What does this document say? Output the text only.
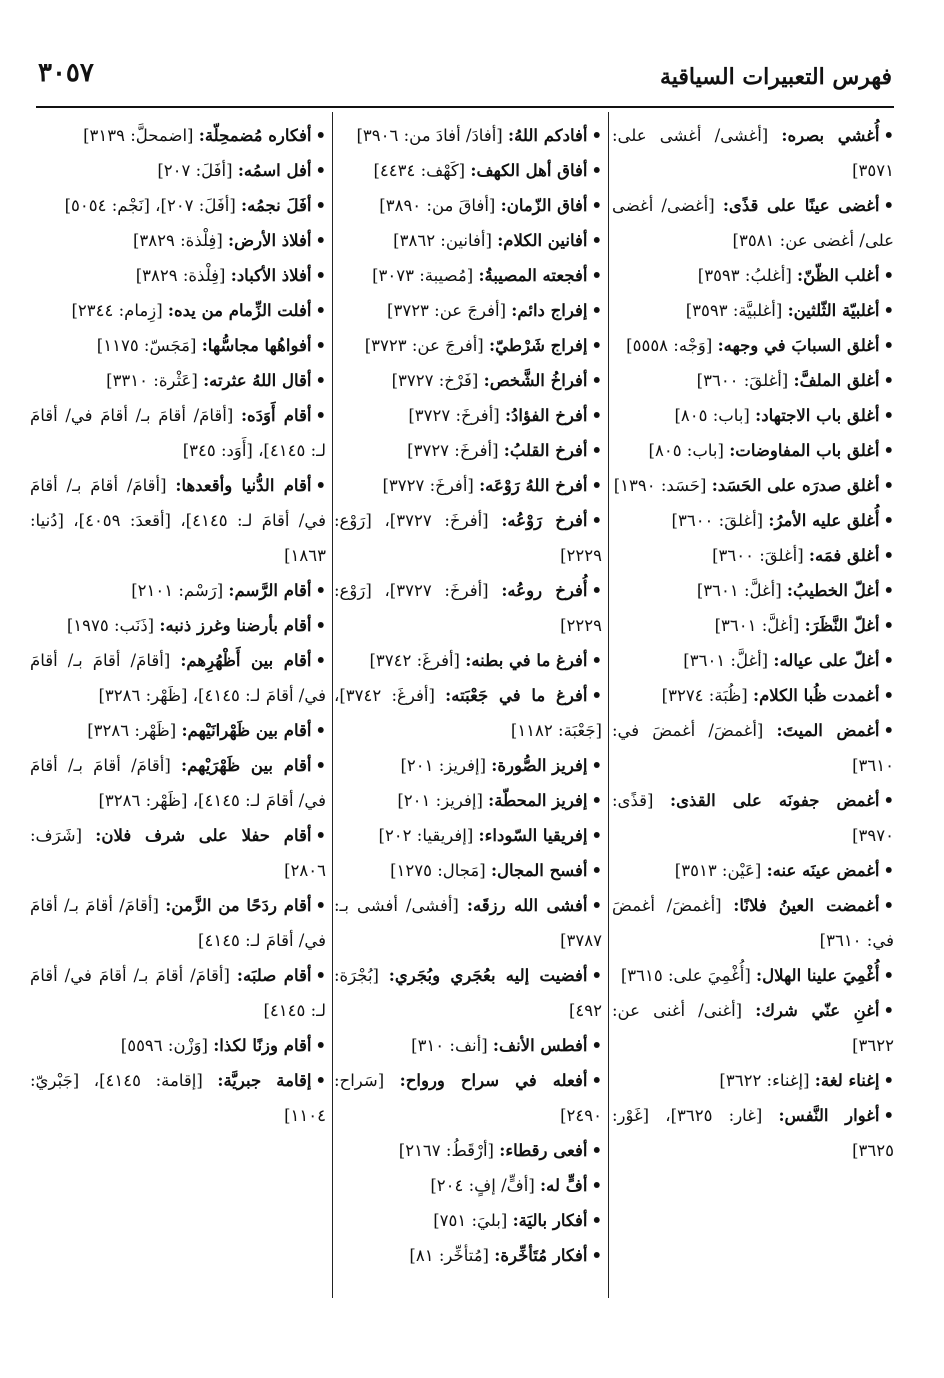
فهرس التعبيرات السياقية
٣٠٥٧

•أُغشي بصره: [أغشى/ أغشى على: ٣٥٧١]

•أغضى عينًا على قذًى: [أغضى/ أغضى على/ أغضى عن: ٣٥٨١]

•أغلب الظّنّ: [أغلبُ: ٣٥٩٣]

•أغلبيّة الثّلثين: [أغلبيَّة: ٣٥٩٣]

•أغلق السبابَ في وجهه: [وَجْه: ٥٥٥٨]

•أغلق الملفَّ: [أغلقَ: ٣٦٠٠]

•أغلق باب الاجتهاد: [باب: ٨٠٥]

•أغلق باب المفاوضات: [باب: ٨٠٥]

•أغلق صدرَه على الحَسَد: [حَسَد: ١٣٩٠]

•أُغلق عليه الأمرُ: [أغلقَ: ٣٦٠٠]

•أغلق فمَه: [أغلقَ: ٣٦٠٠]

•أغلّ الخطيبُ: [أغلَّ: ٣٦٠١]

•أغلّ النَّظَرَ: [أغلَّ: ٣٦٠١]

•أغلّ على عياله: [أغلَّ: ٣٦٠١]

•أغمدت ظُبا الكلام: [ظُبَة: ٣٢٧٤]

•أغمض الميتَ: [أغمضَ/ أغمضَ في: ٣٦١٠]

•أغمض جفونَه على القذى: [قذًى: ٣٩٧٠]

•أغمض عينَه عنه: [عَيْن: ٣٥١٣]

•أغمضت العينُ فلانًا: [أغمضَ/ أغمضَ في: ٣٦١٠]

•أُغْمِيَ علينا الهلال: [أُغْمِيَ على: ٣٦١٥]

•أغنِ عنّي شرك: [أغنى/ أغنى عن: ٣٦٢٢]

•إغناء لغة: [إغناء: ٣٦٢٢]

•أغوار النَّفس: [غار: ٣٦٢٥]، [غَوْر: ٣٦٢٥]

•أفادكم اللهُ: [أفادَ/ أفادَ من: ٣٩٠٦]

•أفاق أهل الكهف: [كَهْف: ٤٤٣٤]

•أفاق الزّمان: [أفاقَ من: ٣٨٩٠]

•أفانين الكلام: [أفانين: ٣٨٦٢]

•أفجعته المصيبةُ: [مُصيبة: ٣٠٧٣]

•إفراج دائم: [أفرجَ عن: ٣٧٢٣]

•إفراج شَرْطيّ: [أفرجَ عن: ٣٧٢٣]

•أفراخُ الشَّخص: [فَرْخ: ٣٧٢٧]

•أفرخ الفؤادُ: [أفرخَ: ٣٧٢٧]

•أفرخ القلبُ: [أفرخَ: ٣٧٢٧]

•أفرخ اللهُ رَوْعَه: [أفرخَ: ٣٧٢٧]

•أفرخ رَوْعُه: [أفرخَ: ٣٧٢٧]، [رَوْع: ٢٢٢٩]

•أُفرخ روعُه: [أفرخَ: ٣٧٢٧]، [رَوْع: ٢٢٢٩]

•أفرغ ما في بطنه: [أفرغَ: ٣٧٤٢]

•أفرغ ما في جَعْبَته: [أفرغَ: ٣٧٤٢]، [جَعْبَة: ١١٨٢]

•إفريز الصُّورة: [إفريز: ٢٠١]

•إفريز المحطّة: [إفريز: ٢٠١]

•إفريقيا السّوداء: [إفريقيا: ٢٠٢]

•أفسح المجال: [مَجال: ١٢٧٥]

•أفشى الله رزقَه: [أفشى/ أفشى بـ: ٣٧٨٧]

•أفضيت إليه بعُجَري وبُجَري: [بُجْرَة: ٤٩٢]

•أفطس الأنف: [أنف: ٣١٠]

•أفعله في سراح ورواح: [سَراح: ٢٤٩٠]

•أفعى رقطاء: [أرْقَطُ: ٢١٦٧]

•أفٍّ له: [أفٍّ/ إفٍ: ٢٠٤]

•أفكار باليَة: [بليَ: ٧٥١]

•أفكار مُتَأخِّرة: [مُتأخِّر: ٨١]

•أفكاره مُضمحِلّة: [اضمحلَّ: ٣١٣٩]

•أفل اسمُه: [أفَلَ: ٢٠٧]

•أفَلَ نجمُه: [أفَلَ: ٢٠٧]، [نَجْم: ٥٠٥٤]

•أفلاذ الأرض: [فِلْذة: ٣٨٢٩]

•أفلاذ الأكباد: [فِلْذة: ٣٨٢٩]

•أفلت الزِّمام من يده: [زِمام: ٢٣٤٤]

•أفواهُها مجاسُّها: [مَجَسّ: ١١٧٥]

•أقال اللهُ عثرته: [عَثْرة: ٣٣١٠]

•أقام أَوَدَه: [أقامَ/ أقامَ بـ/ أقامَ في/ أقامَ لـ: ٤١٤٥]، [أَوَد: ٣٤٥]

•أقام الدُّنيا وأقعدها: [أقامَ/ أقامَ بـ/ أقامَ في/ أقامَ لـ: ٤١٤٥]، [أقعدَ: ٤٠٥٩]، [دُنيا: ١٨٦٣]

•أقام الرَّسم: [رَسْم: ٢١٠١]

•أقام بأرضنا وغرز ذنبه: [ذَنَب: ١٩٧٥]

•أقام بين أَظْهُرِهم: [أقامَ/ أقامَ بـ/ أقامَ في/ أقامَ لـ: ٤١٤٥]، [ظَهْر: ٣٢٨٦]

•أقام بين ظَهْرانَيْهم: [ظَهْر: ٣٢٨٦]

•أقام بين ظَهْرَيْهم: [أقامَ/ أقامَ بـ/ أقامَ في/ أقامَ لـ: ٤١٤٥]، [ظَهْر: ٣٢٨٦]

•أقام حفلا على شرف فلان: [شَرَف: ٢٨٠٦]

•أقام ردَحًا من الزَّمن: [أقامَ/ أقامَ بـ/ أقامَ في/ أقامَ لـ: ٤١٤٥]

•أقام صلبَه: [أقامَ/ أقامَ بـ/ أقامَ في/ أقامَ لـ: ٤١٤٥]

•أقام وزنًا لكذا: [وَزْن: ٥٥٩٦]

•إقامة جبريَّة: [إقامة: ٤١٤٥]، [جَبْريّ: ١١٠٤]
